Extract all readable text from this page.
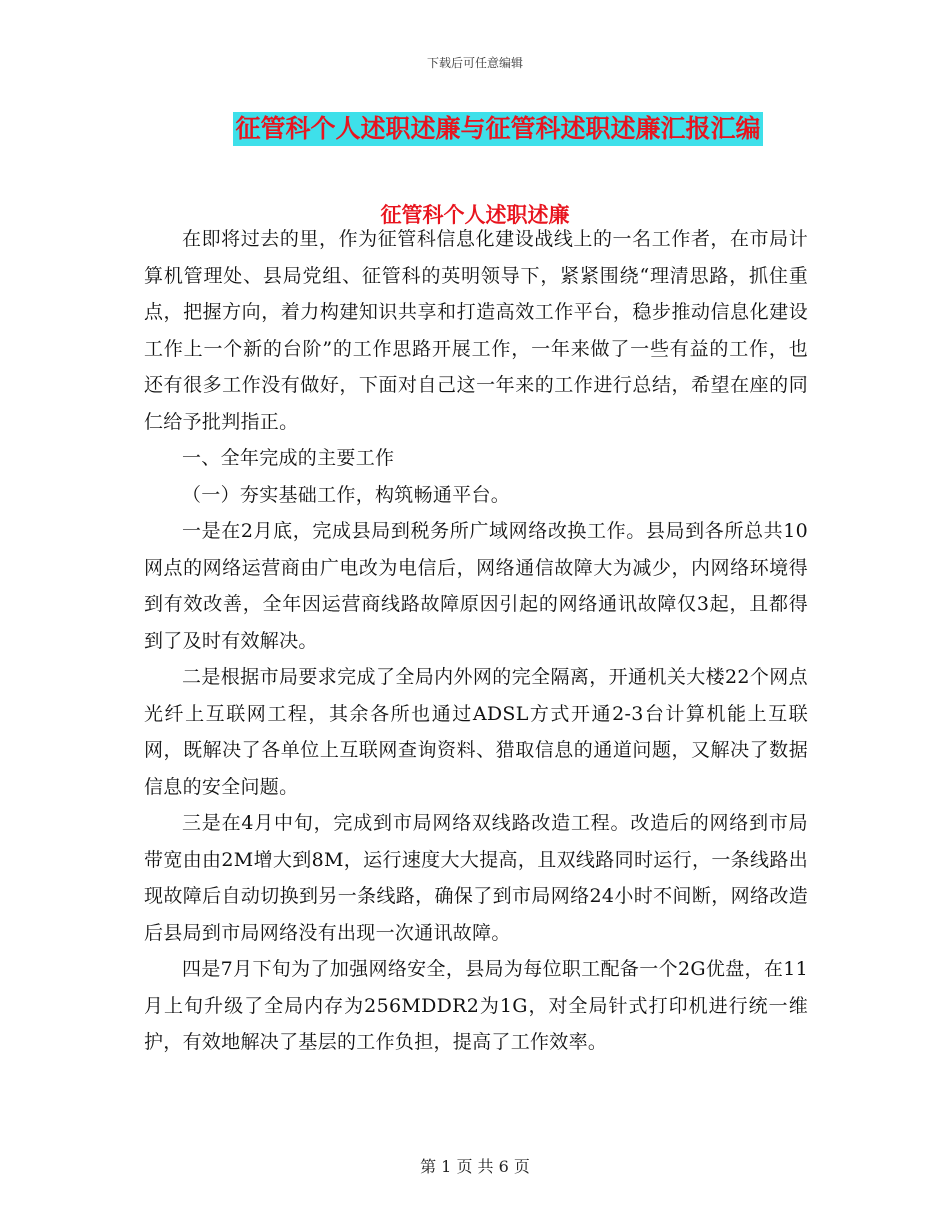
下载后可任意编辑
征管科个人述职述廉与征管科述职述廉汇报汇编
征管科个人述职述廉

在即将过去的里，作为征管科信息化建设战线上的一名工作者，在市局计算机管理处、县局党组、征管科的英明领导下，紧紧围绕“理清思路，抓住重点，把握方向，着力构建知识共享和打造高效工作平台，稳步推动信息化建设工作上一个新的台阶”的工作思路开展工作，一年来做了一些有益的工作，也还有很多工作没有做好，下面对自己这一年来的工作进行总结，希望在座的同仁给予批判指正。

一、全年完成的主要工作

（一）夯实基础工作，构筑畅通平台。

一是在2月底，完成县局到税务所广域网络改换工作。县局到各所总共10网点的网络运营商由广电改为电信后，网络通信故障大为减少，内网络环境得到有效改善，全年因运营商线路故障原因引起的网络通讯故障仅3起，且都得到了及时有效解决。

二是根据市局要求完成了全局内外网的完全隔离，开通机关大楼22个网点光纤上互联网工程，其余各所也通过ADSL方式开通2-3台计算机能上互联网，既解决了各单位上互联网查询资料、猎取信息的通道问题，又解决了数据信息的安全问题。

三是在4月中旬，完成到市局网络双线路改造工程。改造后的网络到市局带宽由由2M增大到8M，运行速度大大提高，且双线路同时运行，一条线路出现故障后自动切换到另一条线路，确保了到市局网络24小时不间断，网络改造后县局到市局网络没有出现一次通讯故障。

四是7月下旬为了加强网络安全，县局为每位职工配备一个2G优盘，在11月上旬升级了全局内存为256MDDR2为1G，对全局针式打印机进行统一维护，有效地解决了基层的工作负担，提高了工作效率。

第 1 页 共 6 页
